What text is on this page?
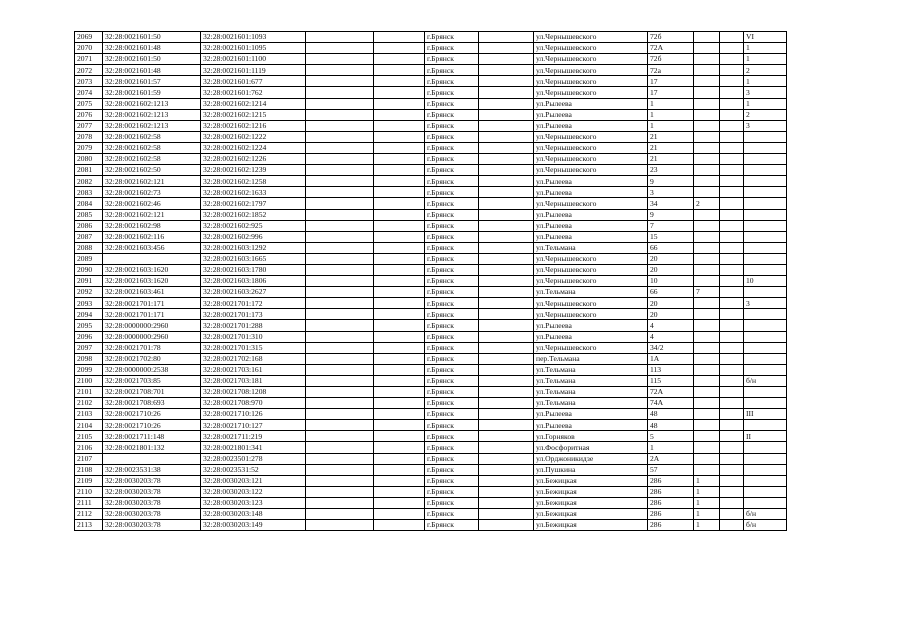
2069	32:28:0021601:50	32:28:0021601:1093			г.Брянск		ул.Чернышевского	72б			VI
2070	32:28:0021601:48	32:28:0021601:1095			г.Брянск		ул.Чернышевского	72А			1
2071	32:28:0021601:50	32:28:0021601:1100			г.Брянск		ул.Чернышевского	72б			1
2072	32:28:0021601:48	32:28:0021601:1119			г.Брянск		ул.Чернышевского	72а			2
2073	32:28:0021601:57	32:28:0021601:677			г.Брянск		ул.Чернышевского	17			1
2074	32:28:0021601:59	32:28:0021601:762			г.Брянск		ул.Чернышевского	17			3
2075	32:28:0021602:1213	32:28:0021602:1214			г.Брянск		ул.Рылеева	1			1
2076	32:28:0021602:1213	32:28:0021602:1215			г.Брянск		ул.Рылеева	1			2
2077	32:28:0021602:1213	32:28:0021602:1216			г.Брянск		ул.Рылеева	1			3
2078	32:28:0021602:58	32:28:0021602:1222			г.Брянск		ул.Чернышевского	21			
2079	32:28:0021602:58	32:28:0021602:1224			г.Брянск		ул.Чернышевского	21			
2080	32:28:0021602:58	32:28:0021602:1226			г.Брянск		ул.Чернышевского	21			
2081	32:28:0021602:50	32:28:0021602:1239			г.Брянск		ул.Чернышевского	23			
2082	32:28:0021602:121	32:28:0021602:1258			г.Брянск		ул.Рылеева	9			
2083	32:28:0021602:73	32:28:0021602:1633			г.Брянск		ул.Рылеева	3			
2084	32:28:0021602:46	32:28:0021602:1797			г.Брянск		ул.Чернышевского	34	2		
2085	32:28:0021602:121	32:28:0021602:1852			г.Брянск		ул.Рылеева	9			
2086	32:28:0021602:98	32:28:0021602:925			г.Брянск		ул.Рылеева	7			
2087	32:28:0021602:116	32:28:0021602:996			г.Брянск		ул.Рылеева	15			
2088	32:28:0021603:456	32:28:0021603:1292			г.Брянск		ул.Тельмана	66			
2089		32:28:0021603:1665			г.Брянск		ул.Чернышевского	20			
2090	32:28:0021603:1620	32:28:0021603:1780			г.Брянск		ул.Чернышевского	20			
2091	32:28:0021603:1620	32:28:0021603:1806			г.Брянск		ул.Чернышевского	10			10
2092	32:28:0021603:461	32:28:0021603:2627			г.Брянск		ул.Тельмана	66	7		
2093	32:28:0021701:171	32:28:0021701:172			г.Брянск		ул.Чернышевского	20			3
2094	32:28:0021701:171	32:28:0021701:173			г.Брянск		ул.Чернышевского	20			
2095	32:28:0000000:2960	32:28:0021701:288			г.Брянск		ул.Рылеева	4			
2096	32:28:0000000:2960	32:28:0021701:310			г.Брянск		ул.Рылеева	4			
2097	32:28:0021701:78	32:28:0021701:315			г.Брянск		ул.Чернышевского	34/2			
2098	32:28:0021702:80	32:28:0021702:168			г.Брянск		пер.Тельмана	1А			
2099	32:28:0000000:2538	32:28:0021703:161			г.Брянск		ул.Тельмана	113			
2100	32:28:0021703:85	32:28:0021703:181			г.Брянск		ул.Тельмана	115			б/н
2101	32:28:0021708:701	32:28:0021708:1208			г.Брянск		ул.Тельмана	72А			
2102	32:28:0021708:693	32:28:0021708:970			г.Брянск		ул.Тельмана	74А			
2103	32:28:0021710:26	32:28:0021710:126			г.Брянск		ул.Рылеева	48			III
2104	32:28:0021710:26	32:28:0021710:127			г.Брянск		ул.Рылеева	48			
2105	32:28:0021711:148	32:28:0021711:219			г.Брянск		ул.Горняков	5			II
2106	32:28:0021801:132	32:28:0021801:341			г.Брянск		ул.Фосфоритная	1			
2107		32:28:0023501:278			г.Брянск		ул.Орджоникидзе	2А			
2108	32:28:0023531:38	32:28:0023531:52			г.Брянск		ул.Пушкина	57			
2109	32:28:0030203:78	32:28:0030203:121			г.Брянск		ул.Бежицкая	286	1		
2110	32:28:0030203:78	32:28:0030203:122			г.Брянск		ул.Бежицкая	286	1		
2111	32:28:0030203:78	32:28:0030203:123			г.Брянск		ул.Бежицкая	286	1		
2112	32:28:0030203:78	32:28:0030203:148			г.Брянск		ул.Бежицкая	286	1		б/н
2113	32:28:0030203:78	32:28:0030203:149			г.Брянск		ул.Бежицкая	286	1		б/н
